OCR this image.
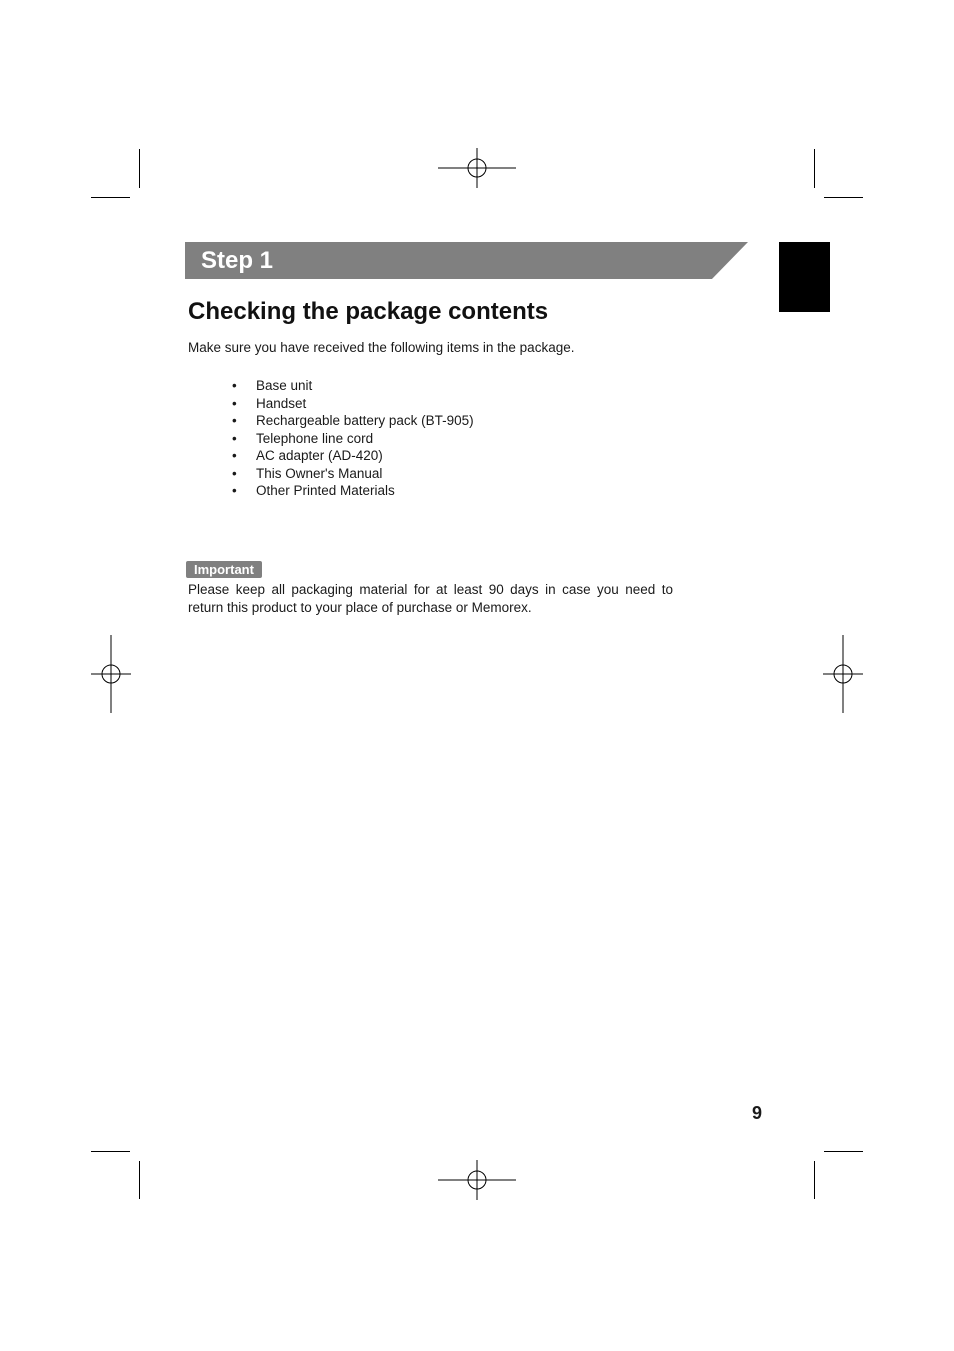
Step 1
Checking the package contents
Make sure you have received the following items in the package.
• Base unit
• Handset
• Rechargeable battery pack (BT-905)
• Telephone line cord
• AC adapter (AD-420)
• This Owner's Manual
• Other Printed Materials
Important
Please keep all packaging material for at least 90 days in case you need to return this product to your place of purchase or Memorex.
9
